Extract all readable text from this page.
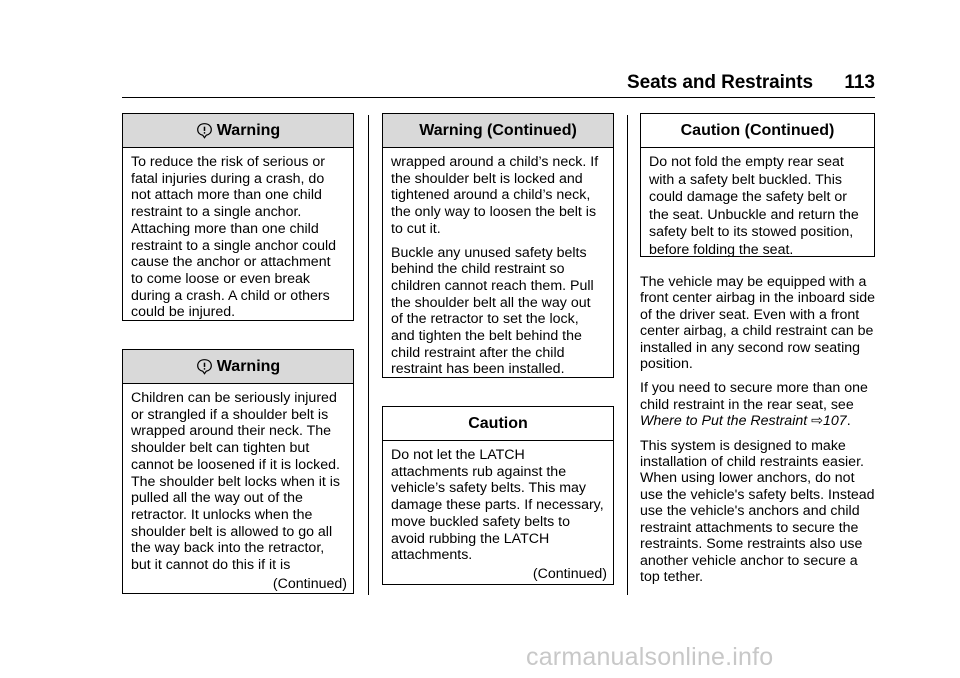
Seats and Restraints 113
Warning

To reduce the risk of serious or fatal injuries during a crash, do not attach more than one child restraint to a single anchor. Attaching more than one child restraint to a single anchor could cause the anchor or attachment to come loose or even break during a crash. A child or others could be injured.

Warning

Children can be seriously injured or strangled if a shoulder belt is wrapped around their neck. The shoulder belt can tighten but cannot be loosened if it is locked. The shoulder belt locks when it is pulled all the way out of the retractor. It unlocks when the shoulder belt is allowed to go all the way back into the retractor, but it cannot do this if it is

(Continued)
Warning (Continued)

wrapped around a child’s neck. If the shoulder belt is locked and tightened around a child’s neck, the only way to loosen the belt is to cut it.

Buckle any unused safety belts behind the child restraint so children cannot reach them. Pull the shoulder belt all the way out of the retractor to set the lock, and tighten the belt behind the child restraint after the child restraint has been installed.

Caution

Do not let the LATCH attachments rub against the vehicle’s safety belts. This may damage these parts. If necessary, move buckled safety belts to avoid rubbing the LATCH attachments.

(Continued)
Caution (Continued)

Do not fold the empty rear seat with a safety belt buckled. This could damage the safety belt or the seat. Unbuckle and return the safety belt to its stowed position, before folding the seat.

The vehicle may be equipped with a front center airbag in the inboard side of the driver seat. Even with a front center airbag, a child restraint can be installed in any second row seating position.

If you need to secure more than one child restraint in the rear seat, see Where to Put the Restraint ⇨107.

This system is designed to make installation of child restraints easier. When using lower anchors, do not use the vehicle's safety belts. Instead use the vehicle's anchors and child restraint attachments to secure the restraints. Some restraints also use another vehicle anchor to secure a top tether.

carmanualsonline.info
